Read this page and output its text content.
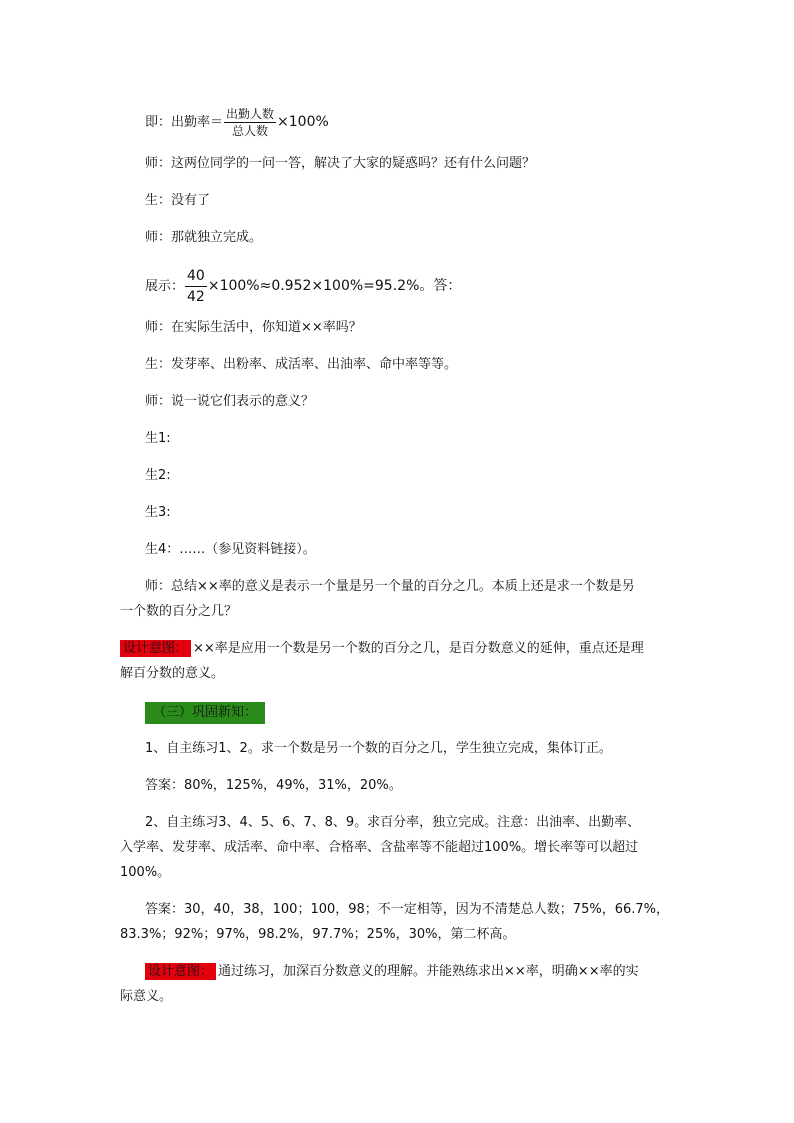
即：出勤率＝ $\frac{\text{出勤人数}}{\text{总人数}} \times 100\%$
师：这两位同学的一问一答，解决了大家的疑惑吗？还有什么问题？
生：没有了
师：那就独立完成。
展示： $\frac{40}{42} \times 100\%\approx 0.952\times 100\%=95.2\%$。答：
师：在实际生活中，你知道××率吗？
生：发芽率、出粉率、成活率、出油率、命中率等等。
师：说一说它们表示的意义？
生1:
生2:
生3:
生4：……（参见资料链接）。
师：总结××率的意义是表示一个量是另一个量的百分之几。本质上还是求一个数是另
一个数的百分之几？
设计意图： ××率是应用一个数是另一个数的百分之几，是百分数意义的延伸，重点还是理
解百分数的意义。
（三）巩固新知：
1、自主练习1、2。求一个数是另一个数的百分之几，学生独立完成，集体订正。
答案：80%，125%，49%，31%，20%。
2、自主练习3、4、5、6、7、8、9。求百分率，独立完成。注意：出油率、出勤率、
入学率、发芽率、成活率、命中率、合格率、含盐率等不能超过100%。增长率等可以超过
100%。
答案：30，40，38，100；100，98；不一定相等，因为不清楚总人数；75%，66.7%，
83.3%；92%；97%，98.2%，97.7%；25%，30%，第二杯高。
设计意图： 通过练习，加深百分数意义的理解。并能熟练求出××率，明确××率的实
际意义。
